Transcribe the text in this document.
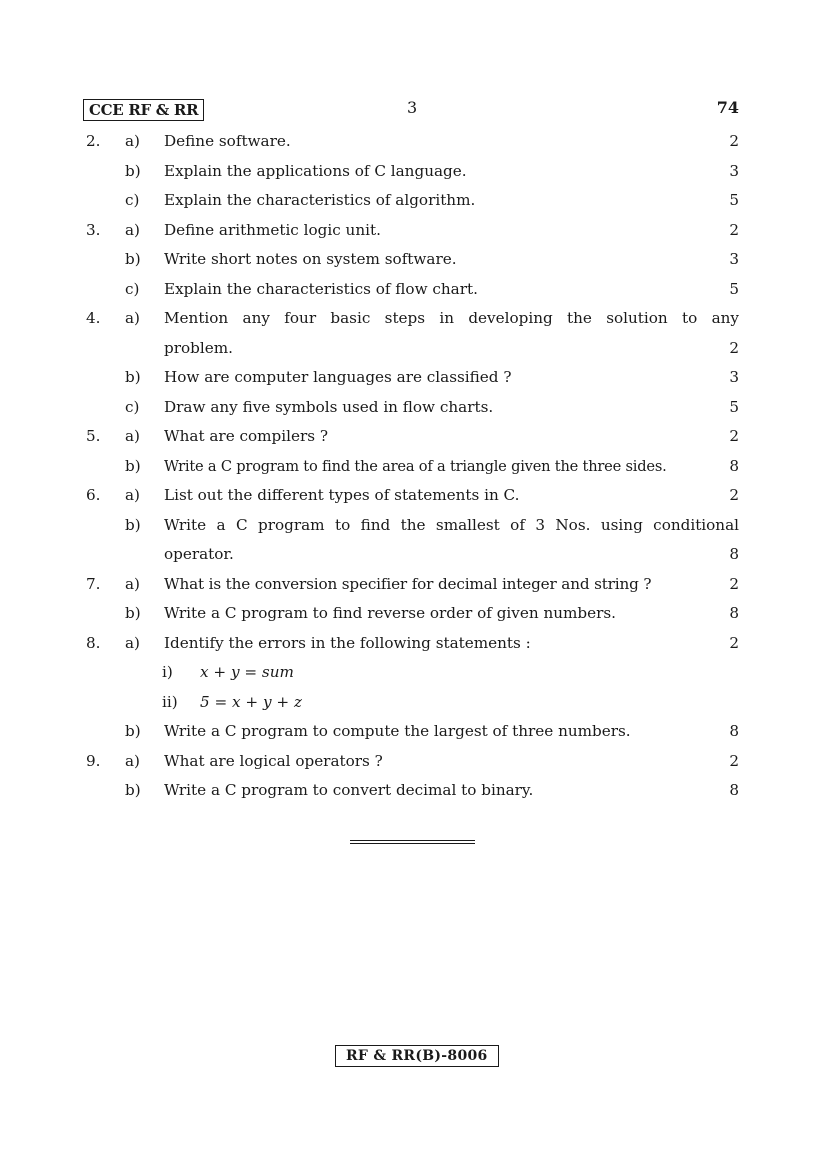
CCE RF & RR	3	74
2. a) Define software.	2
b) Explain the applications of C language.	3
c) Explain the characteristics of algorithm.	5
3. a) Define arithmetic logic unit.	2
b) Write short notes on system software.	3
c) Explain the characteristics of flow chart.	5
4. a) Mention any four basic steps in developing the solution to any
problem.	2
b) How are computer languages are classified ?	3
c) Draw any five symbols used in flow charts.	5
5. a) What are compilers ?	2
b) Write a C program to find the area of a triangle given the three sides.	8
6. a) List out the different types of statements in C.	2
b) Write a C program to find the smallest of 3 Nos. using conditional
operator.	8
7. a) What is the conversion specifier for decimal integer and string ?	2
b) Write a C program to find reverse order of given numbers.	8
8. a) Identify the errors in the following statements :	2
i) x + y = sum
ii) 5 = x + y + z
b) Write a C program to compute the largest of three numbers.	8
9. a) What are logical operators ?	2
b) Write a C program to convert decimal to binary.	8
RF & RR(B)-8006
